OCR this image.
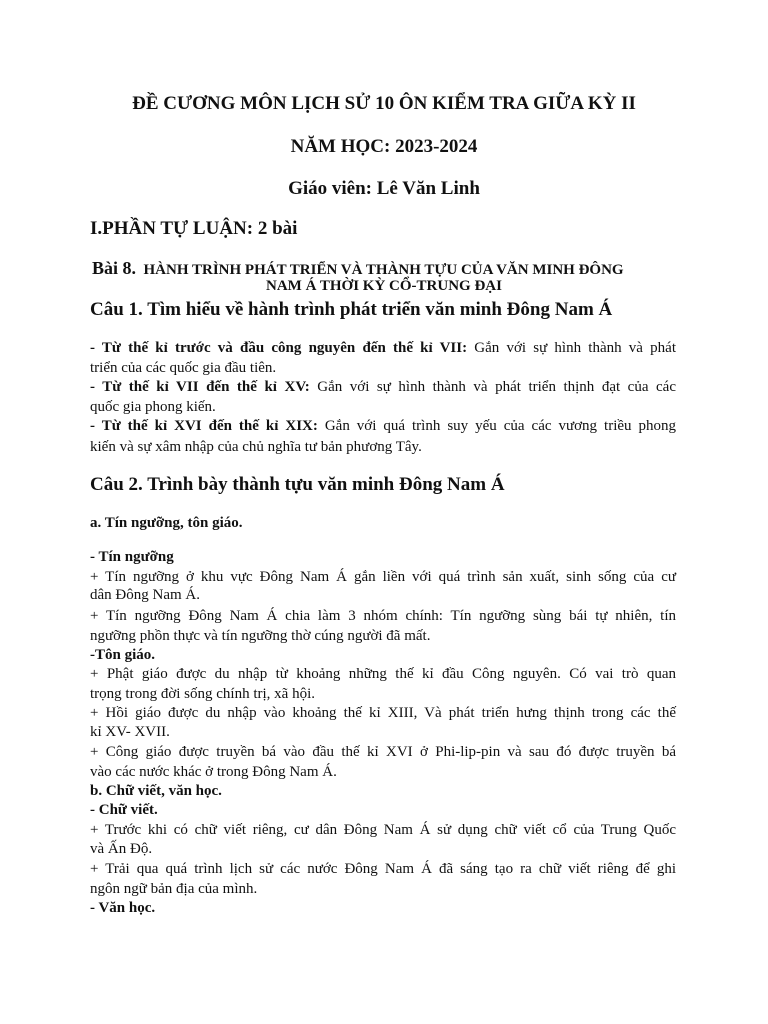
ĐỀ CƯƠNG MÔN LỊCH SỬ 10 ÔN KIỂM TRA GIỮA KỲ II
NĂM HỌC: 2023-2024
Giáo viên: Lê Văn Linh
I.PHẦN TỰ LUẬN: 2 bài
Bài 8. HÀNH TRÌNH PHÁT TRIỂN VÀ THÀNH TỰU CỦA VĂN MINH ĐÔNG
NAM Á THỜI KỲ CỔ-TRUNG ĐẠI
Câu 1. Tìm hiểu về hành trình phát triển văn minh Đông Nam Á
- Từ thế kỉ trước và đầu công nguyên đến thế kỉ VII: Gắn với sự hình thành và phát
triển của các quốc gia đầu tiên.
- Từ thế kỉ VII đến thế kỉ XV: Gắn với sự hình thành và phát triển thịnh đạt của các
quốc gia phong kiến.
- Từ thế kỉ XVI đến thế kỉ XIX: Gắn với quá trình suy yếu của các vương triều phong
kiến và sự xâm nhập của chủ nghĩa tư bản phương Tây.
Câu 2. Trình bày thành tựu văn minh Đông Nam Á
a. Tín ngưỡng, tôn giáo.
- Tín ngưỡng
+ Tín ngưỡng ở khu vực Đông Nam Á gắn liền với quá trình sản xuất, sinh sống của cư
dân Đông Nam Á.
+ Tín ngưỡng Đông Nam Á chia làm 3 nhóm chính: Tín ngưỡng sùng bái tự nhiên, tín
ngưỡng phồn thực và tín ngưỡng thờ cúng người đã mất.
-Tôn giáo.
+ Phật giáo được du nhập từ khoảng những thế kỉ đầu Công nguyên. Có vai trò quan
trọng trong đời sống chính trị, xã hội.
+ Hồi giáo được du nhập vào khoảng thế kỉ XIII, Và phát triển hưng thịnh trong các thế
kỉ XV- XVII.
+ Công giáo được truyền bá vào đầu thế kỉ XVI ở Phi-lip-pin và sau đó được truyền bá
vào các nước khác ở trong Đông Nam Á.
b. Chữ viết, văn học.
- Chữ viết.
+ Trước khi có chữ viết riêng, cư dân Đông Nam Á sử dụng chữ viết cổ của Trung Quốc
và Ấn Độ.
+ Trải qua quá trình lịch sử các nước Đông Nam Á đã sáng tạo ra chữ viết riêng để ghi
ngôn ngữ bản địa của mình.
- Văn học.
